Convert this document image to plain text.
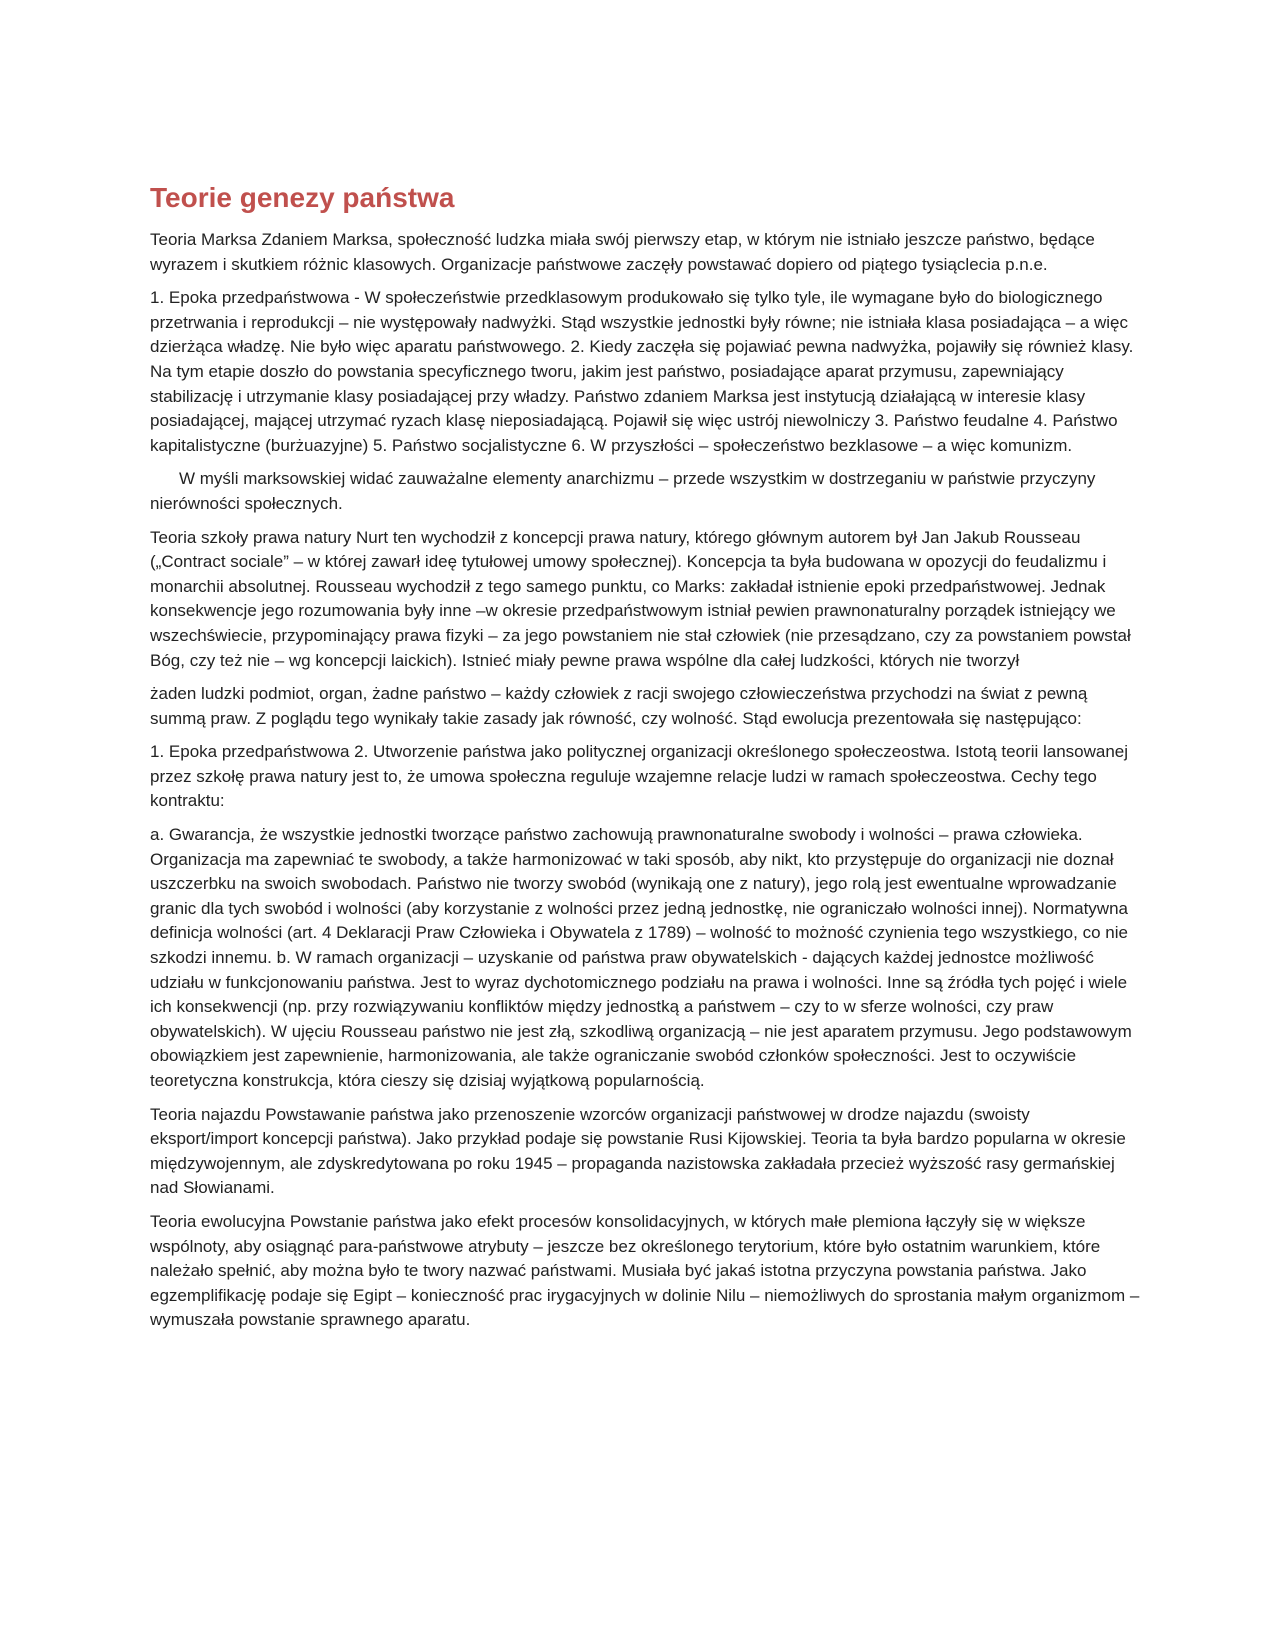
Teorie genezy państwa

Teoria Marksa Zdaniem Marksa, społeczność ludzka miała swój pierwszy etap, w którym nie istniało jeszcze państwo, będące wyrazem i skutkiem różnic klasowych. Organizacje państwowe zaczęły powstawać dopiero od piątego tysiąclecia p.n.e.

1. Epoka przedpaństwowa - W społeczeństwie przedklasowym produkowało się tylko tyle, ile wymagane było do biologicznego przetrwania i reprodukcji – nie występowały nadwyżki. Stąd wszystkie jednostki były równe; nie istniała klasa posiadająca – a więc dzierżąca władzę. Nie było więc aparatu państwowego. 2. Kiedy zaczęła się pojawiać pewna nadwyżka, pojawiły się również klasy. Na tym etapie doszło do powstania specyficznego tworu, jakim jest państwo, posiadające aparat przymusu, zapewniający stabilizację i utrzymanie klasy posiadającej przy władzy. Państwo zdaniem Marksa jest instytucją działającą w interesie klasy posiadającej, mającej utrzymać ryzach klasę nieposiadającą. Pojawił się więc ustrój niewolniczy 3. Państwo feudalne 4. Państwo kapitalistyczne (burżuazyjne) 5. Państwo socjalistyczne 6. W przyszłości – społeczeństwo bezklasowe – a więc komunizm.

W myśli marksowskiej widać zauważalne elementy anarchizmu – przede wszystkim w dostrzeganiu w państwie przyczyny nierówności społecznych.

Teoria szkoły prawa natury Nurt ten wychodził z koncepcji prawa natury, którego głównym autorem był Jan Jakub Rousseau („Contract sociale” – w której zawarł ideę tytułowej umowy społecznej). Koncepcja ta była budowana w opozycji do feudalizmu i monarchii absolutnej. Rousseau wychodził z tego samego punktu, co Marks: zakładał istnienie epoki przedpaństwowej. Jednak konsekwencje jego rozumowania były inne –w okresie przedpaństwowym istniał pewien prawnonaturalny porządek istniejący we wszechświecie, przypominający prawa fizyki – za jego powstaniem nie stał człowiek (nie przesądzano, czy za powstaniem powstał Bóg, czy też nie – wg koncepcji laickich). Istnieć miały pewne prawa wspólne dla całej ludzkości, których nie tworzył

żaden ludzki podmiot, organ, żadne państwo – każdy człowiek z racji swojego człowieczeństwa przychodzi na świat z pewną summą praw. Z poglądu tego wynikały takie zasady jak równość, czy wolność. Stąd ewolucja prezentowała się następująco:

1. Epoka przedpaństwowa 2. Utworzenie państwa jako politycznej organizacji określonego społeczeostwa. Istotą teorii lansowanej przez szkołę prawa natury jest to, że umowa społeczna reguluje wzajemne relacje ludzi w ramach społeczeostwa. Cechy tego kontraktu:

a. Gwarancja, że wszystkie jednostki tworzące państwo zachowują prawnonaturalne swobody i wolności – prawa człowieka. Organizacja ma zapewniać te swobody, a także harmonizować w taki sposób, aby nikt, kto przystępuje do organizacji nie doznał uszczerbku na swoich swobodach. Państwo nie tworzy swobód (wynikają one z natury), jego rolą jest ewentualne wprowadzanie granic dla tych swobód i wolności (aby korzystanie z wolności przez jedną jednostkę, nie ograniczało wolności innej). Normatywna definicja wolności (art. 4 Deklaracji Praw Człowieka i Obywatela z 1789) – wolność to możność czynienia tego wszystkiego, co nie szkodzi innemu. b. W ramach organizacji – uzyskanie od państwa praw obywatelskich - dających każdej jednostce możliwość udziału w funkcjonowaniu państwa. Jest to wyraz dychotomicznego podziału na prawa i wolności. Inne są źródła tych pojęć i wiele ich konsekwencji (np. przy rozwiązywaniu konfliktów między jednostką a państwem – czy to w sferze wolności, czy praw obywatelskich). W ujęciu Rousseau państwo nie jest złą, szkodliwą organizacją – nie jest aparatem przymusu. Jego podstawowym obowiązkiem jest zapewnienie, harmonizowania, ale także ograniczanie swobód członków społeczności. Jest to oczywiście teoretyczna konstrukcja, która cieszy się dzisiaj wyjątkową popularnością.

Teoria najazdu Powstawanie państwa jako przenoszenie wzorców organizacji państwowej w drodze najazdu (swoisty eksport/import koncepcji państwa). Jako przykład podaje się powstanie Rusi Kijowskiej. Teoria ta była bardzo popularna w okresie międzywojennym, ale zdyskredytowana po roku 1945 – propaganda nazistowska zakładała przecież wyższość rasy germańskiej nad Słowianami.

Teoria ewolucyjna Powstanie państwa jako efekt procesów konsolidacyjnych, w których małe plemiona łączyły się w większe wspólnoty, aby osiągnąć para-państwowe atrybuty – jeszcze bez określonego terytorium, które było ostatnim warunkiem, które należało spełnić, aby można było te twory nazwać państwami. Musiała być jakaś istotna przyczyna powstania państwa. Jako egzemplifikację podaje się Egipt – konieczność prac irygacyjnych w dolinie Nilu – niemożliwych do sprostania małym organizmom – wymuszała powstanie sprawnego aparatu.
